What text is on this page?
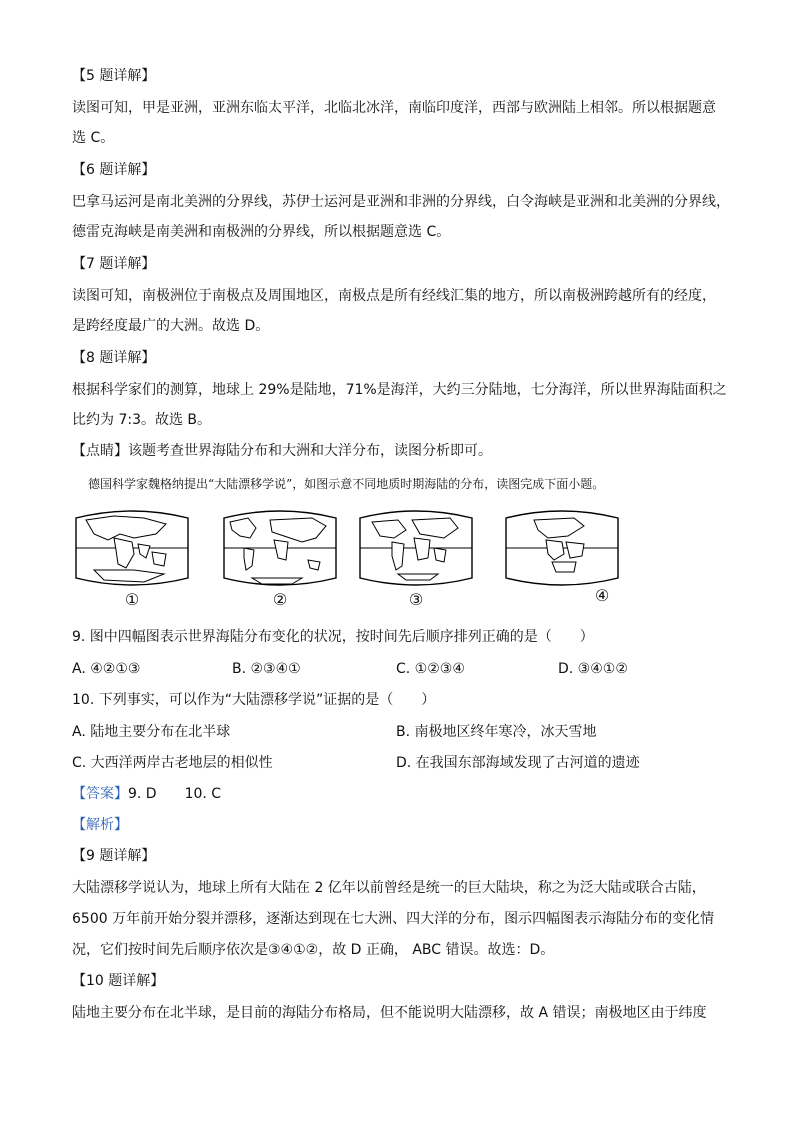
【5 题详解】
读图可知，甲是亚洲，亚洲东临太平洋，北临北冰洋，南临印度洋，西部与欧洲陆上相邻。所以根据题意
选 C。
【6 题详解】
巴拿马运河是南北美洲的分界线，苏伊士运河是亚洲和非洲的分界线，白令海峡是亚洲和北美洲的分界线，
德雷克海峡是南美洲和南极洲的分界线，所以根据题意选 C。
【7 题详解】
读图可知，南极洲位于南极点及周围地区，南极点是所有经线汇集的地方，所以南极洲跨越所有的经度，
是跨经度最广的大洲。故选 D。
【8 题详解】
根据科学家们的测算，地球上 29%是陆地，71%是海洋，大约三分陆地，七分海洋，所以世界海陆面积之
比约为 7:3。故选 B。
【点睛】该题考查世界海陆分布和大洲和大洋分布，读图分析即可。
德国科学家魏格纳提出“大陆漂移学说”，如图示意不同地质时期海陆的分布，读图完成下面小题。
①	②	③	④
9. 图中四幅图表示世界海陆分布变化的状况，按时间先后顺序排列正确的是（　　）
A. ④②①③	B. ②③④①	C. ①②③④	D. ③④①②
10. 下列事实，可以作为“大陆漂移学说”证据的是（　　）
A. 陆地主要分布在北半球	B. 南极地区终年寒冷，冰天雪地
C. 大西洋两岸古老地层的相似性	D. 在我国东部海域发现了古河道的遗迹
【答案】9. D　　10. C
【解析】
【9 题详解】
大陆漂移学说认为，地球上所有大陆在 2 亿年以前曾经是统一的巨大陆块，称之为泛大陆或联合古陆，
6500 万年前开始分裂并漂移，逐渐达到现在七大洲、四大洋的分布，图示四幅图表示海陆分布的变化情
况，它们按时间先后顺序依次是③④①②，故 D 正确， ABC 错误。故选：D。
【10 题详解】
陆地主要分布在北半球，是目前的海陆分布格局，但不能说明大陆漂移，故 A 错误；南极地区由于纬度
